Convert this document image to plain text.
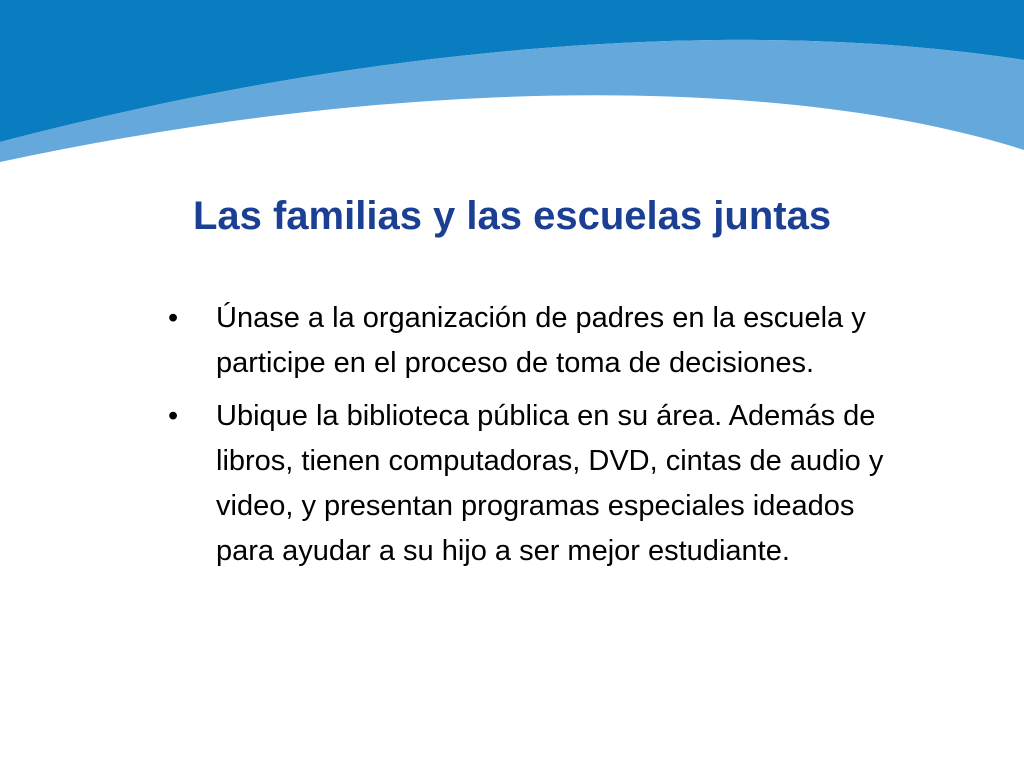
Las familias y las escuelas juntas
•	Únase a la organización de padres en la escuela y participe en el proceso de toma de decisiones.
•	Ubique la biblioteca pública en su área. Además de libros, tienen computadoras, DVD, cintas de audio y video, y presentan programas especiales ideados para ayudar a su hijo a ser mejor estudiante.
